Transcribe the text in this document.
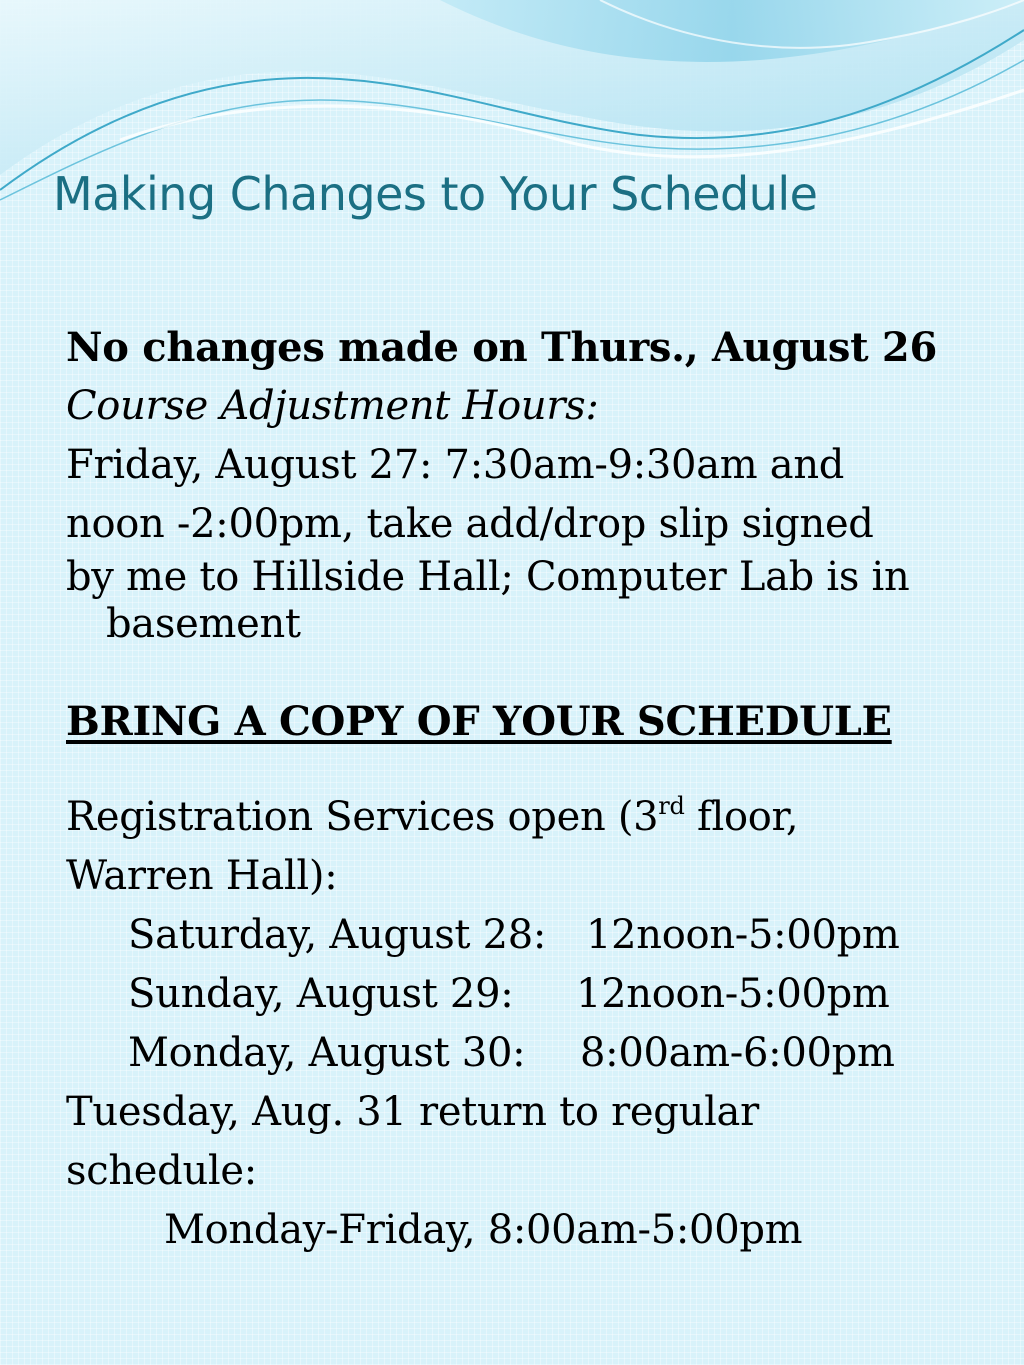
Making Changes to Your Schedule
No changes made on Thurs., August 26
Course Adjustment Hours:
Friday, August 27: 7:30am-9:30am and
noon -2:00pm, take add/drop slip signed
by me to Hillside Hall; Computer Lab is in basement
BRING A COPY OF YOUR SCHEDULE
Registration Services open (3rd floor,
Warren Hall):
Saturday, August 28: 12noon-5:00pm
Sunday, August 29: 12noon-5:00pm
Monday, August 30: 8:00am-6:00pm
Tuesday, Aug. 31 return to regular
schedule:
Monday-Friday, 8:00am-5:00pm
